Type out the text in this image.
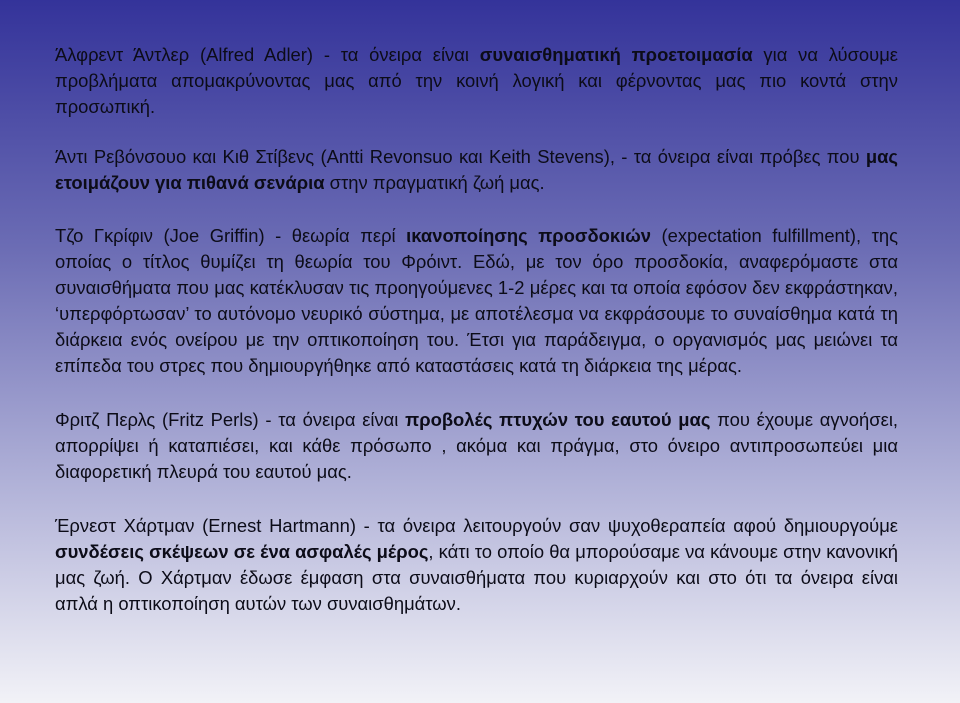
Άλφρεντ Άντλερ (Alfred Adler) - τα όνειρα είναι συναισθηματική προετοιμασία για να λύσουμε προβλήματα απομακρύνοντας μας από την κοινή λογική και φέρνοντας μας πιο κοντά στην προσωπική.

Άντι Ρεβόνσουο και Κιθ Στίβενς (Antti Revonsuo και Keith Stevens), - τα όνειρα είναι πρόβες που μας ετοιμάζουν για πιθανά σενάρια στην πραγματική ζωή μας.

Τζο Γκρίφιν (Joe Griffin) - θεωρία περί ικανοποίησης προσδοκιών (expectation fulfillment), της οποίας ο τίτλος θυμίζει τη θεωρία του Φρόιντ. Εδώ, με τον όρο προσδοκία, αναφερόμαστε στα συναισθήματα που μας κατέκλυσαν τις προηγούμενες 1-2 μέρες και τα οποία εφόσον δεν εκφράστηκαν, ‘υπερφόρτωσαν’ το αυτόνομο νευρικό σύστημα, με αποτέλεσμα να εκφράσουμε το συναίσθημα κατά τη διάρκεια ενός ονείρου με την οπτικοποίηση του. Έτσι για παράδειγμα, ο οργανισμός μας μειώνει τα επίπεδα του στρες που δημιουργήθηκε από καταστάσεις κατά τη διάρκεια της μέρας.

Φριτζ Περλς (Fritz Perls) - τα όνειρα είναι προβολές πτυχών του εαυτού μας που έχουμε αγνοήσει, απορρίψει ή καταπιέσει, και κάθε πρόσωπο , ακόμα και πράγμα, στο όνειρο αντιπροσωπεύει μια διαφορετική πλευρά του εαυτού μας.

Έρνεστ Χάρτμαν (Ernest Hartmann) - τα όνειρα λειτουργούν σαν ψυχοθεραπεία αφού δημιουργούμε συνδέσεις σκέψεων σε ένα ασφαλές μέρος, κάτι το οποίο θα μπορούσαμε να κάνουμε στην κανονική μας ζωή. Ο Χάρτμαν έδωσε έμφαση στα συναισθήματα που κυριαρχούν και στο ότι τα όνειρα είναι απλά η οπτικοποίηση αυτών των συναισθημάτων.
